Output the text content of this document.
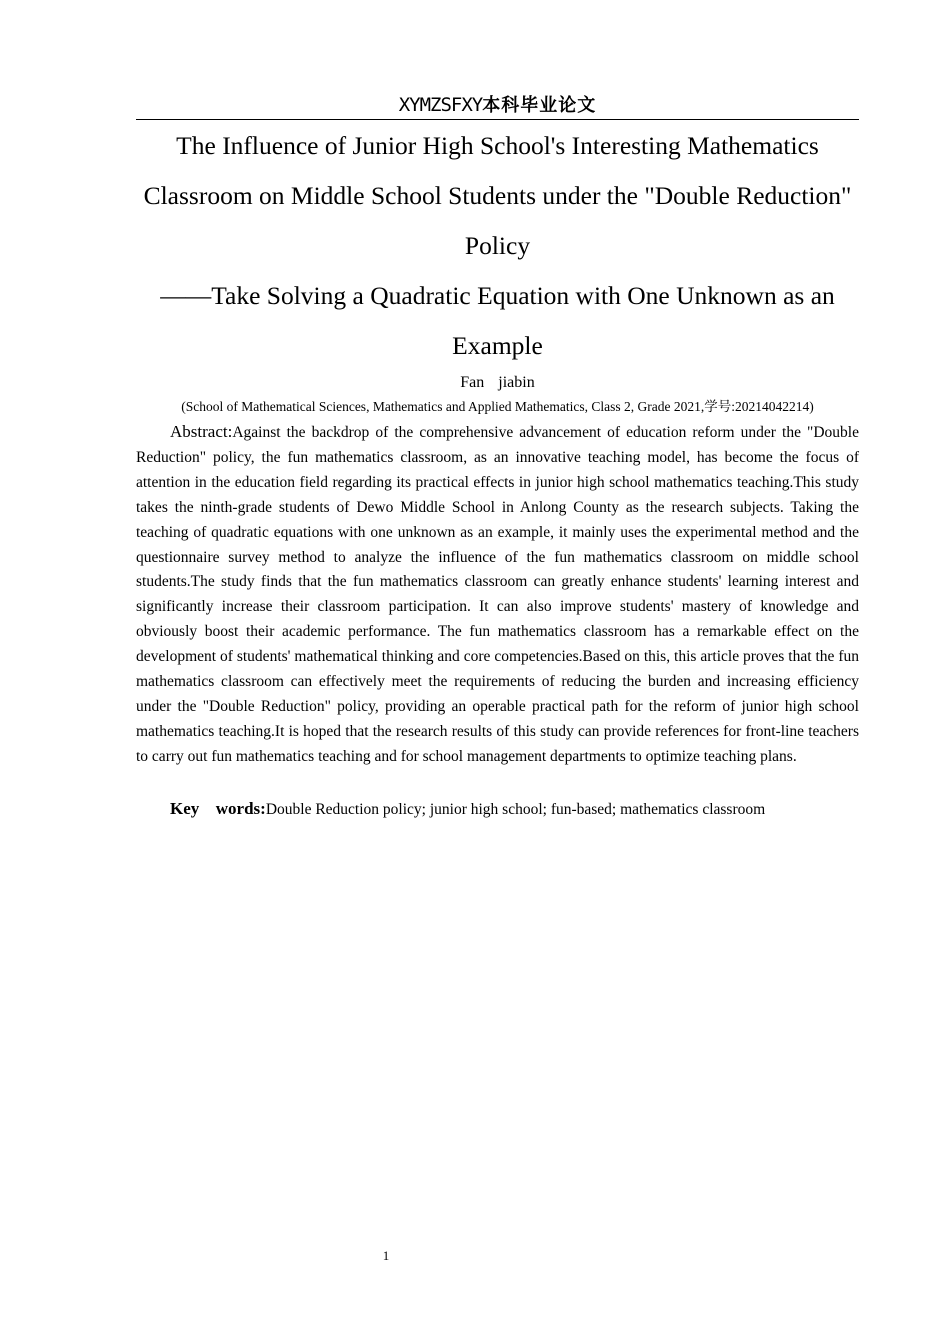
XYMZSFXY本科毕业论文
The Influence of Junior High School's Interesting Mathematics
Classroom on Middle School Students under the "Double Reduction"
Policy
——Take Solving a Quadratic Equation with One Unknown as an
Example
Fan  jiabin
(School of Mathematical Sciences, Mathematics and Applied Mathematics, Class 2, Grade 2021,学号:20214042214)

Abstract:Against the backdrop of the comprehensive advancement of education reform under the "Double Reduction" policy, the fun mathematics classroom, as an innovative teaching model, has become the focus of attention in the education field regarding its practical effects in junior high school mathematics teaching.This study takes the ninth-grade students of Dewo Middle School in Anlong County as the research subjects. Taking the teaching of quadratic equations with one unknown as an example, it mainly uses the experimental method and the questionnaire survey method to analyze the influence of the fun mathematics classroom on middle school students.The study finds that the fun mathematics classroom can greatly enhance students' learning interest and significantly increase their classroom participation. It can also improve students' mastery of knowledge and obviously boost their academic performance. The fun mathematics classroom has a remarkable effect on the development of students' mathematical thinking and core competencies.Based on this, this article proves that the fun mathematics classroom can effectively meet the requirements of reducing the burden and increasing efficiency under the "Double Reduction" policy, providing an operable practical path for the reform of junior high school mathematics teaching.It is hoped that the research results of this study can provide references for front-line teachers to carry out fun mathematics teaching and for school management departments to optimize teaching plans.

Key  words:Double Reduction policy; junior high school; fun-based; mathematics classroom

1
